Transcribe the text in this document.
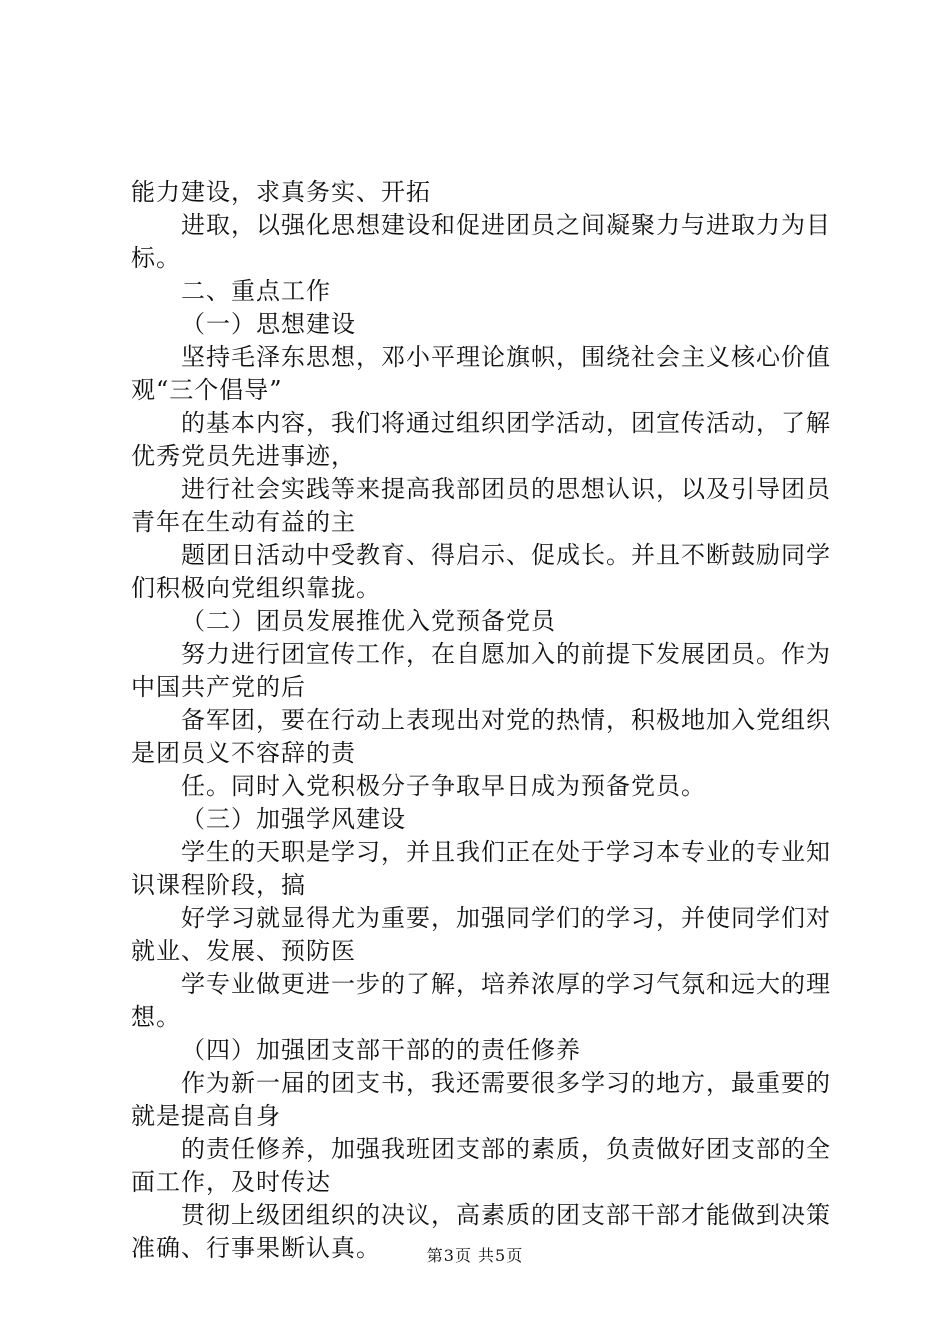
能力建设，求真务实、开拓

进取，以强化思想建设和促进团员之间凝聚力与进取力为目标。

二、重点工作

（一）思想建设

坚持毛泽东思想，邓小平理论旗帜，围绕社会主义核心价值观“三个倡导”

的基本内容，我们将通过组织团学活动，团宣传活动，了解优秀党员先进事迹，

进行社会实践等来提高我部团员的思想认识，以及引导团员青年在生动有益的主

题团日活动中受教育、得启示、促成长。并且不断鼓励同学们积极向党组织靠拢。

（二）团员发展推优入党预备党员

努力进行团宣传工作，在自愿加入的前提下发展团员。作为中国共产党的后

备军团，要在行动上表现出对党的热情，积极地加入党组织是团员义不容辞的责

任。同时入党积极分子争取早日成为预备党员。

（三）加强学风建设

学生的天职是学习，并且我们正在处于学习本专业的专业知识课程阶段，搞

好学习就显得尤为重要，加强同学们的学习，并使同学们对就业、发展、预防医

学专业做更进一步的了解，培养浓厚的学习气氛和远大的理想。

（四）加强团支部干部的的责任修养

作为新一届的团支书，我还需要很多学习的地方，最重要的就是提高自身

的责任修养，加强我班团支部的素质，负责做好团支部的全面工作，及时传达

贯彻上级团组织的决议，高素质的团支部干部才能做到决策准确、行事果断认真。	第3页 共5页
